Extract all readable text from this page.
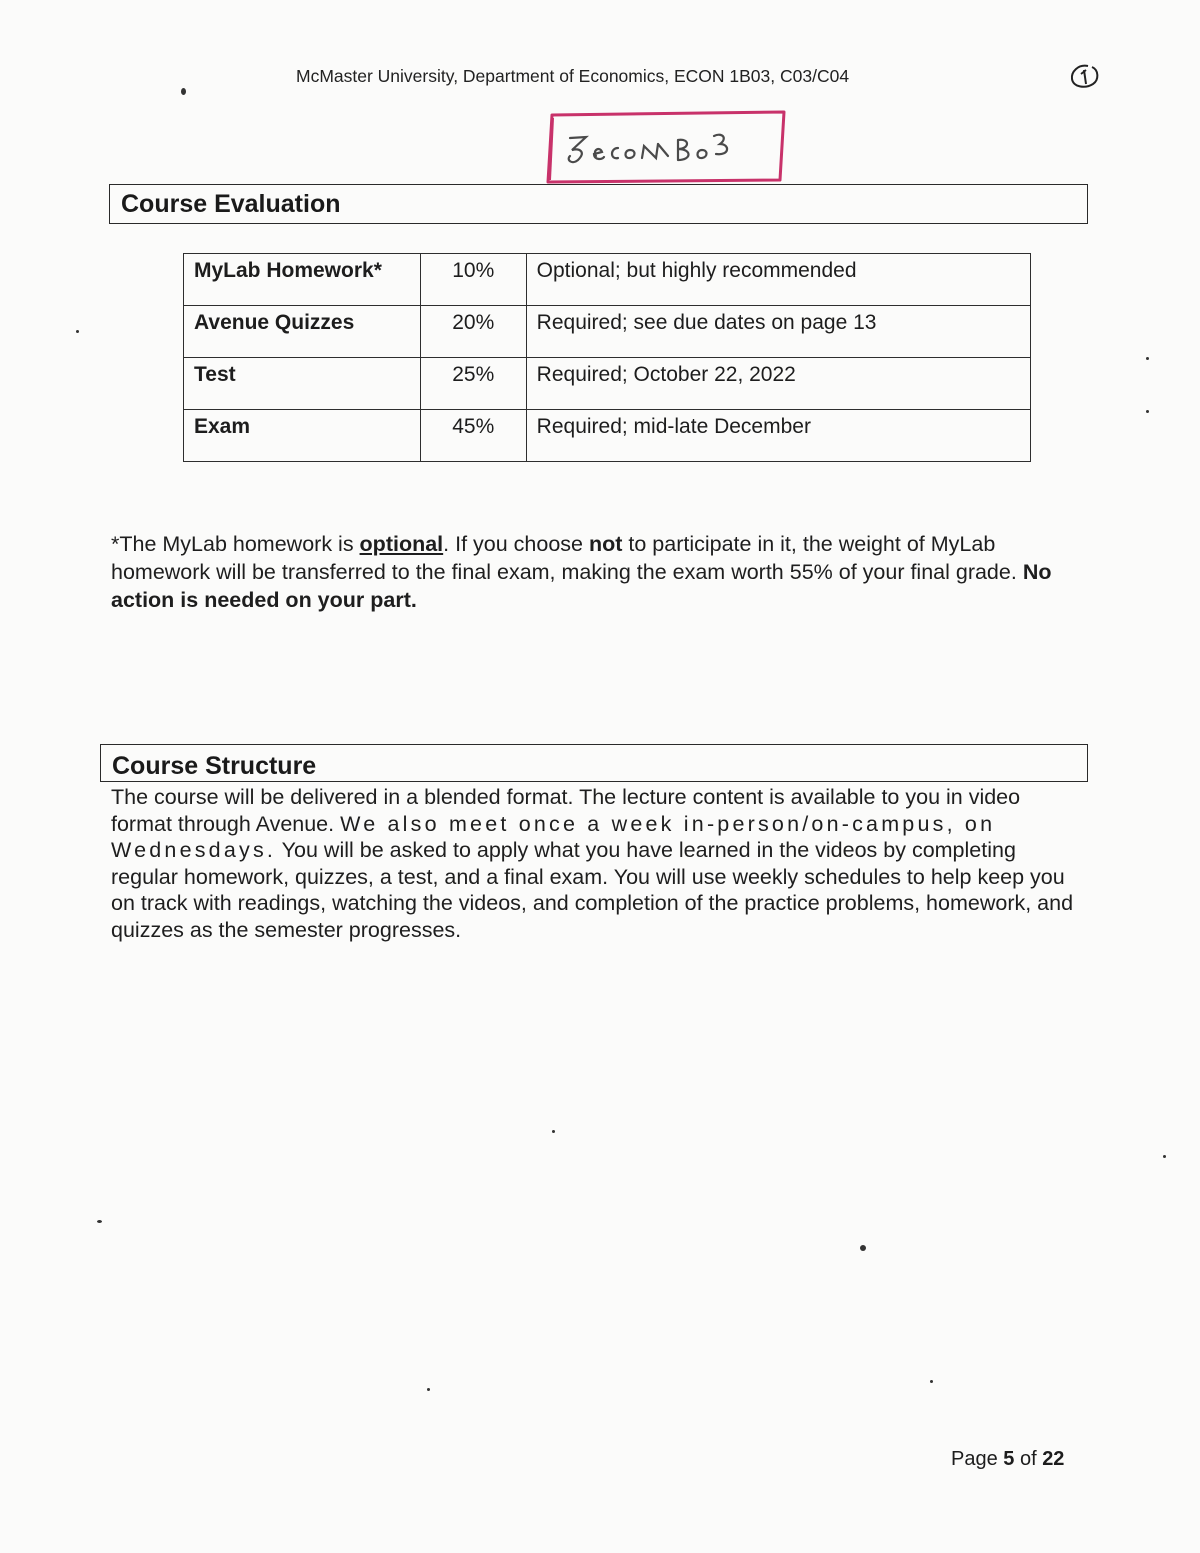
McMaster University, Department of Economics, ECON 1B03, C03/C04
Course Evaluation
MyLab Homework*	10%	Optional; but highly recommended
Avenue Quizzes	20%	Required; see due dates on page 13
Test	25%	Required; October 22, 2022
Exam	45%	Required; mid-late December
*The MyLab homework is optional. If you choose not to participate in it, the weight of MyLab homework will be transferred to the final exam, making the exam worth 55% of your final grade. No action is needed on your part.
Course Structure
The course will be delivered in a blended format. The lecture content is available to you in video format through Avenue. We also meet once a week in-person/on-campus, on Wednesdays. You will be asked to apply what you have learned in the videos by completing regular homework, quizzes, a test, and a final exam. You will use weekly schedules to help keep you on track with readings, watching the videos, and completion of the practice problems, homework, and quizzes as the semester progresses.
Page 5 of 22
